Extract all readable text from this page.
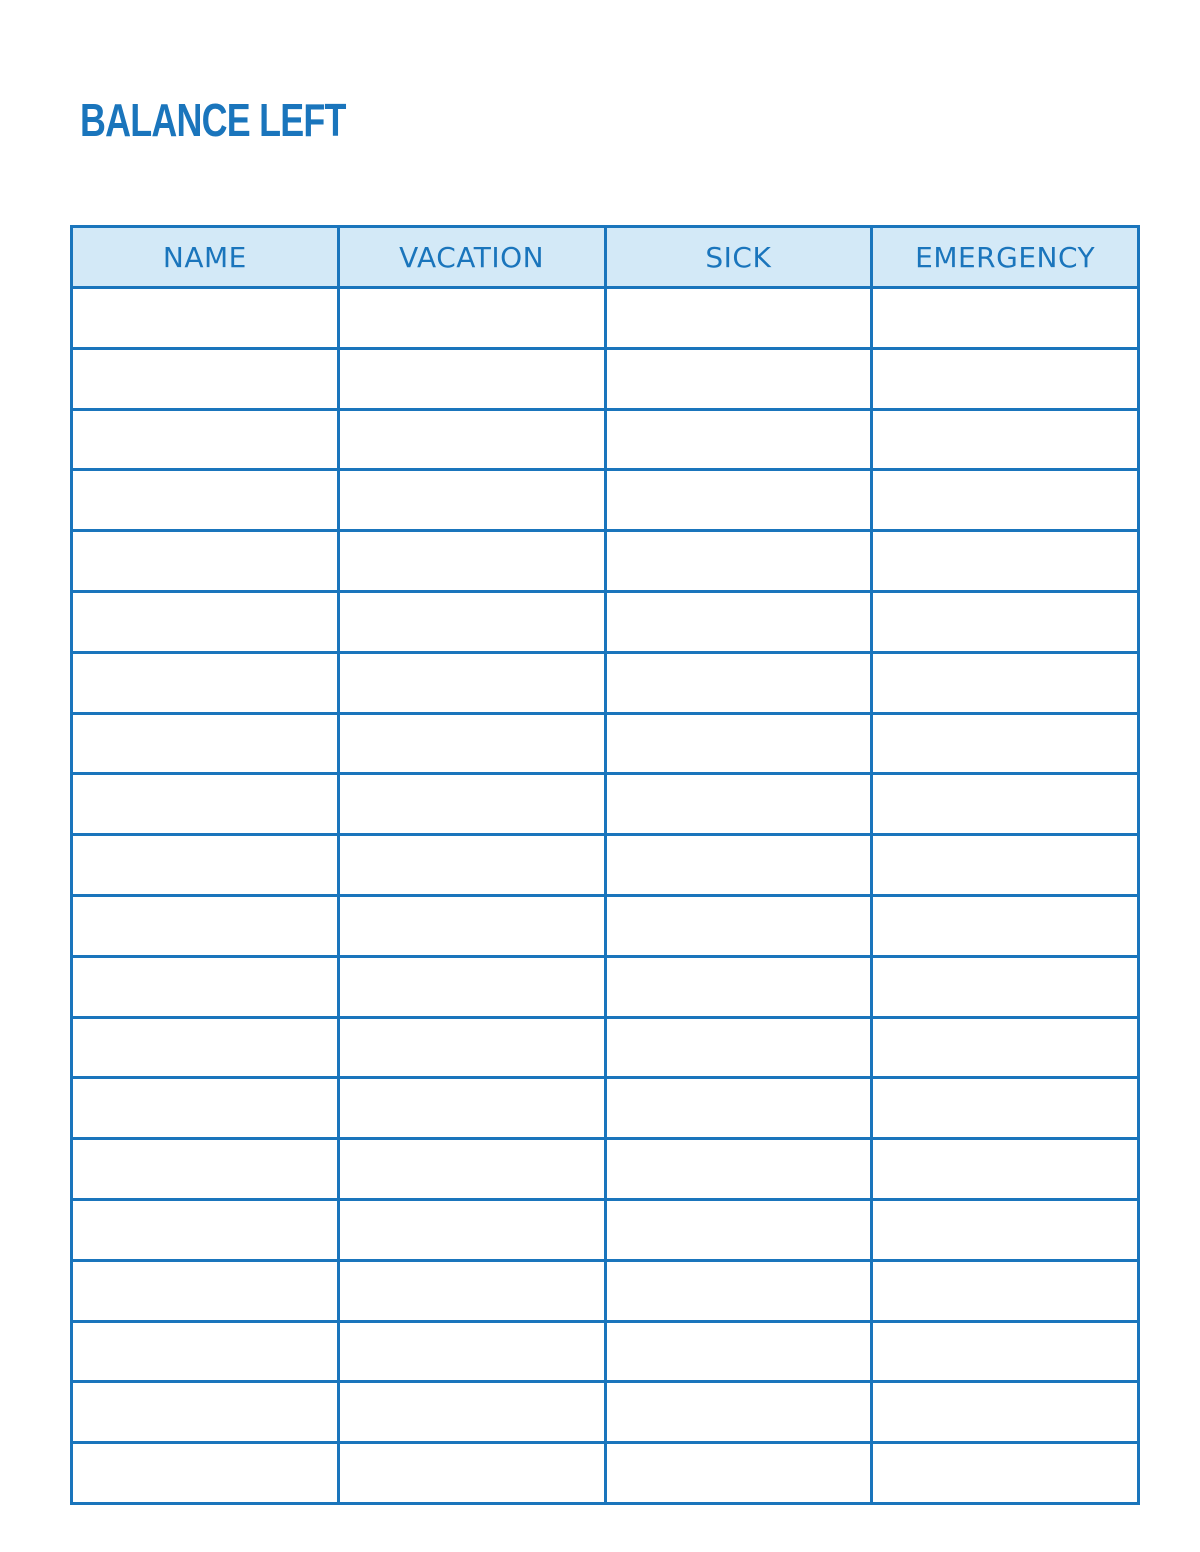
BALANCE LEFT
NAME	VACATION	SICK	EMERGENCY
